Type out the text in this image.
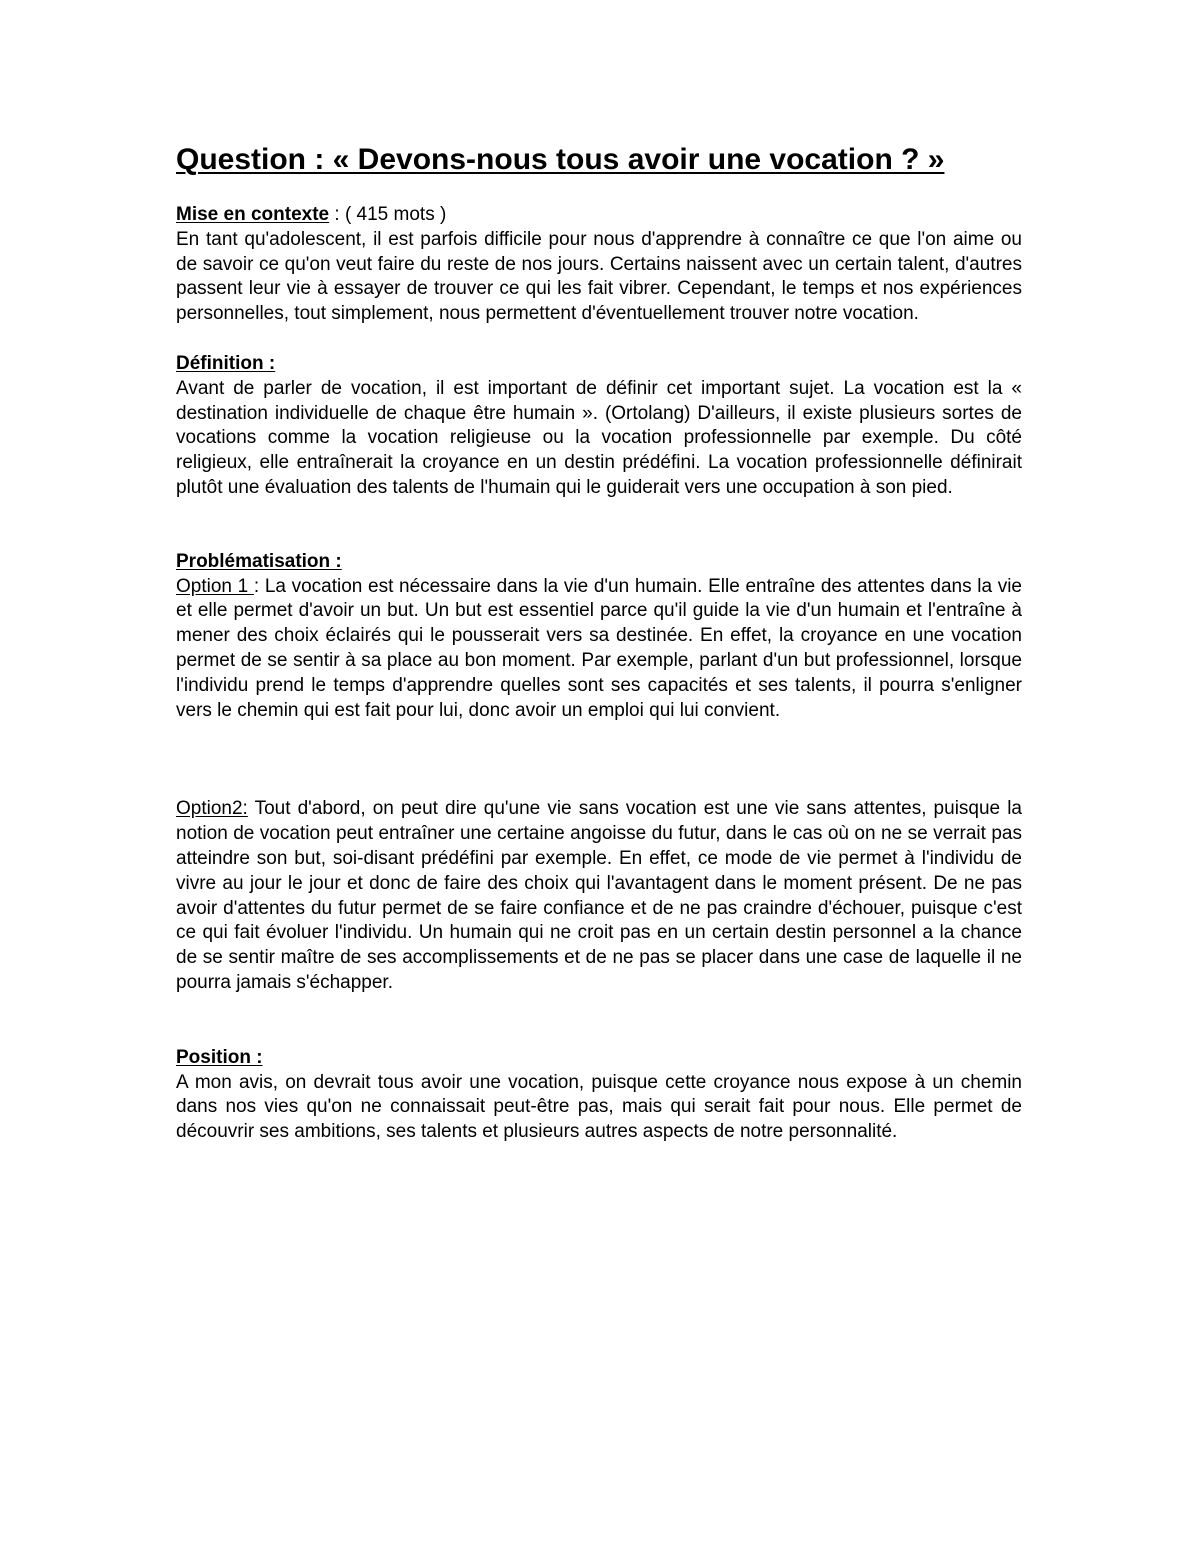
Question : « Devons-nous tous avoir une vocation ? »
Mise en contexte : ( 415 mots )

En tant qu'adolescent, il est parfois difficile pour nous d'apprendre à connaître ce que l'on aime ou de savoir ce qu'on veut faire du reste de nos jours. Certains naissent avec un certain talent, d'autres passent leur vie à essayer de trouver ce qui les fait vibrer. Cependant, le temps et nos expériences personnelles, tout simplement, nous permettent d'éventuellement trouver notre vocation.

Définition :

Avant de parler de vocation, il est important de définir cet important sujet. La vocation est la « destination individuelle de chaque être humain ». (Ortolang) D'ailleurs, il existe plusieurs sortes de vocations comme la vocation religieuse ou la vocation professionnelle par exemple. Du côté religieux, elle entraînerait la croyance en un destin prédéfini. La vocation professionnelle définirait plutôt une évaluation des talents de l'humain qui le guiderait vers une occupation à son pied.

Problématisation :

Option 1 : La vocation est nécessaire dans la vie d'un humain. Elle entraîne des attentes dans la vie et elle permet d'avoir un but. Un but est essentiel parce qu'il guide la vie d'un humain et l'entraîne à mener des choix éclairés qui le pousserait vers sa destinée. En effet, la croyance en une vocation permet de se sentir à sa place au bon moment. Par exemple, parlant d'un but professionnel, lorsque l'individu prend le temps d'apprendre quelles sont ses capacités et ses talents, il pourra s'enligner vers le chemin qui est fait pour lui, donc avoir un emploi qui lui convient.

Option2: Tout d'abord, on peut dire qu'une vie sans vocation est une vie sans attentes, puisque la notion de vocation peut entraîner une certaine angoisse du futur, dans le cas où on ne se verrait pas atteindre son but, soi-disant prédéfini par exemple. En effet, ce mode de vie permet à l'individu de vivre au jour le jour et donc de faire des choix qui l'avantagent dans le moment présent. De ne pas avoir d'attentes du futur permet de se faire confiance et de ne pas craindre d'échouer, puisque c'est ce qui fait évoluer l'individu. Un humain qui ne croit pas en un certain destin personnel a la chance de se sentir maître de ses accomplissements et de ne pas se placer dans une case de laquelle il ne pourra jamais s'échapper.

Position :

A mon avis, on devrait tous avoir une vocation, puisque cette croyance nous expose à un chemin dans nos vies qu'on ne connaissait peut-être pas, mais qui serait fait pour nous. Elle permet de découvrir ses ambitions, ses talents et plusieurs autres aspects de notre personnalité.
